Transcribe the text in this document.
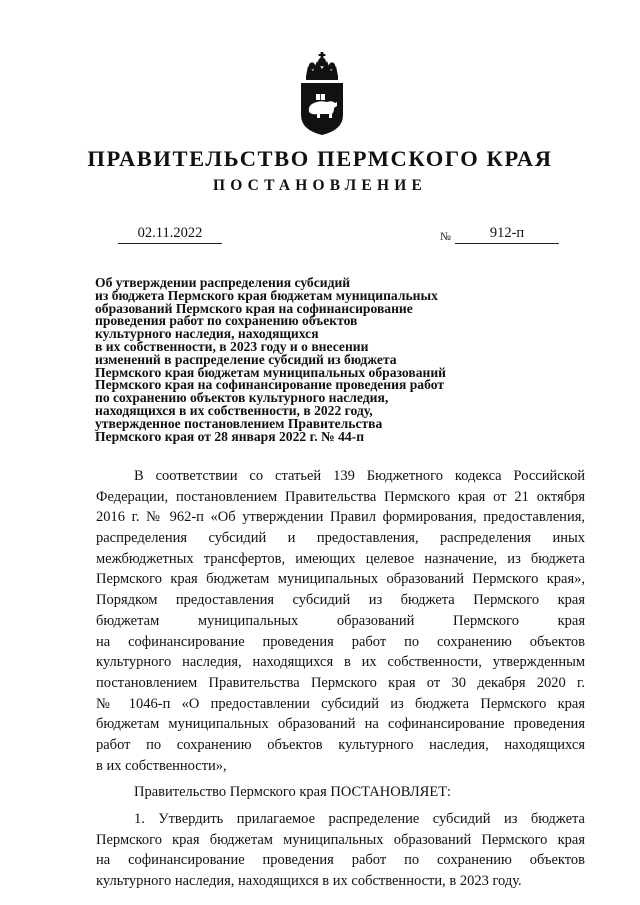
ПРАВИТЕЛЬСТВО ПЕРМСКОГО КРАЯ
ПОСТАНОВЛЕНИЕ
02.11.2022	№	912-п
Об утверждении распределения субсидий
из бюджета Пермского края бюджетам муниципальных
образований Пермского края на софинансирование
проведения работ по сохранению объектов
культурного наследия, находящихся
в их собственности, в 2023 году и о внесении
изменений в распределение субсидий из бюджета
Пермского края бюджетам муниципальных образований
Пермского края на софинансирование проведения работ
по сохранению объектов культурного наследия,
находящихся в их собственности, в 2022 году,
утвержденное постановлением Правительства
Пермского края от 28 января 2022 г. № 44-п
В соответствии со статьей 139 Бюджетного кодекса Российской
Федерации, постановлением Правительства Пермского края от 21 октября
2016 г. № 962-п «Об утверждении Правил формирования, предоставления,
распределения субсидий и предоставления, распределения иных
межбюджетных трансфертов, имеющих целевое назначение, из бюджета
Пермского края бюджетам муниципальных образований Пермского края»,
Порядком предоставления субсидий из бюджета Пермского края
бюджетам муниципальных образований Пермского края
на софинансирование проведения работ по сохранению объектов
культурного наследия, находящихся в их собственности, утвержденным
постановлением Правительства Пермского края от 30 декабря 2020 г.
№ 1046-п «О предоставлении субсидий из бюджета Пермского края
бюджетам муниципальных образований на софинансирование проведения
работ по сохранению объектов культурного наследия, находящихся
в их собственности»,
Правительство Пермского края ПОСТАНОВЛЯЕТ:
1. Утвердить прилагаемое распределение субсидий из бюджета
Пермского края бюджетам муниципальных образований Пермского края
на софинансирование проведения работ по сохранению объектов
культурного наследия, находящихся в их собственности, в 2023 году.
